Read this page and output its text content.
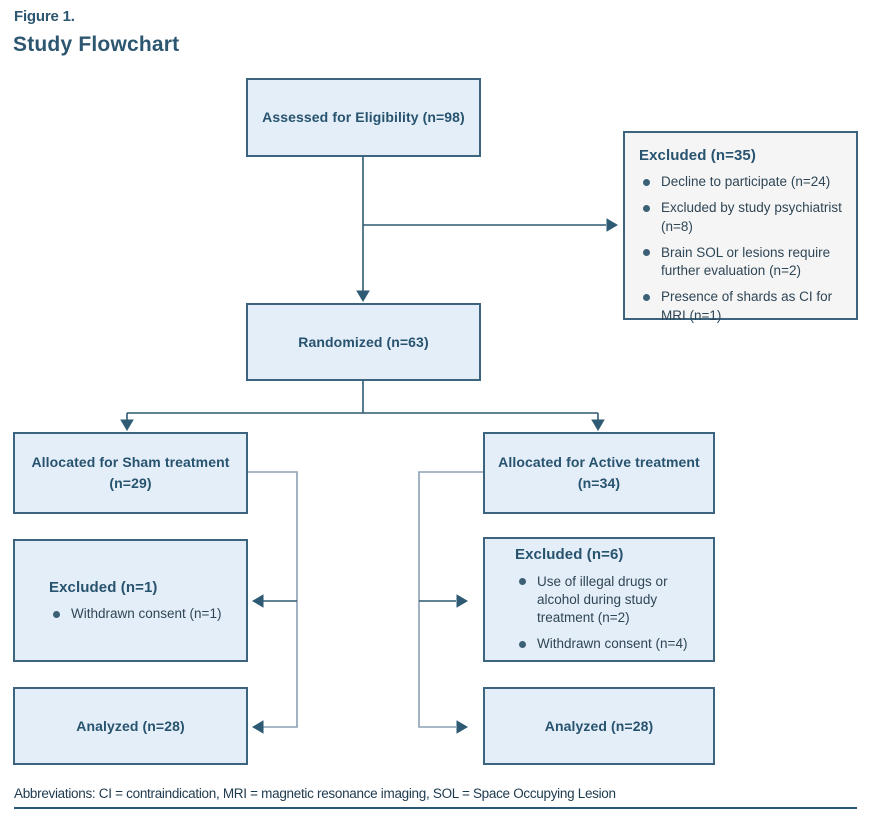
Figure 1.
Study Flowchart
Assessed for Eligibility (n=98)
Excluded (n=35)
Decline to participate (n=24)
Excluded by study psychiatrist (n=8)
Brain SOL or lesions require further evaluation (n=2)
Presence of shards as CI for MRI (n=1)
Randomized (n=63)
Allocated for Sham treatment (n=29)
Allocated for Active treatment (n=34)
Excluded (n=1)
Withdrawn consent (n=1)
Excluded (n=6)
Use of illegal drugs or alcohol during study treatment (n=2)
Withdrawn consent (n=4)
Analyzed (n=28)	Analyzed (n=28)
Abbreviations: CI = contraindication, MRI = magnetic resonance imaging, SOL = Space Occupying Lesion
